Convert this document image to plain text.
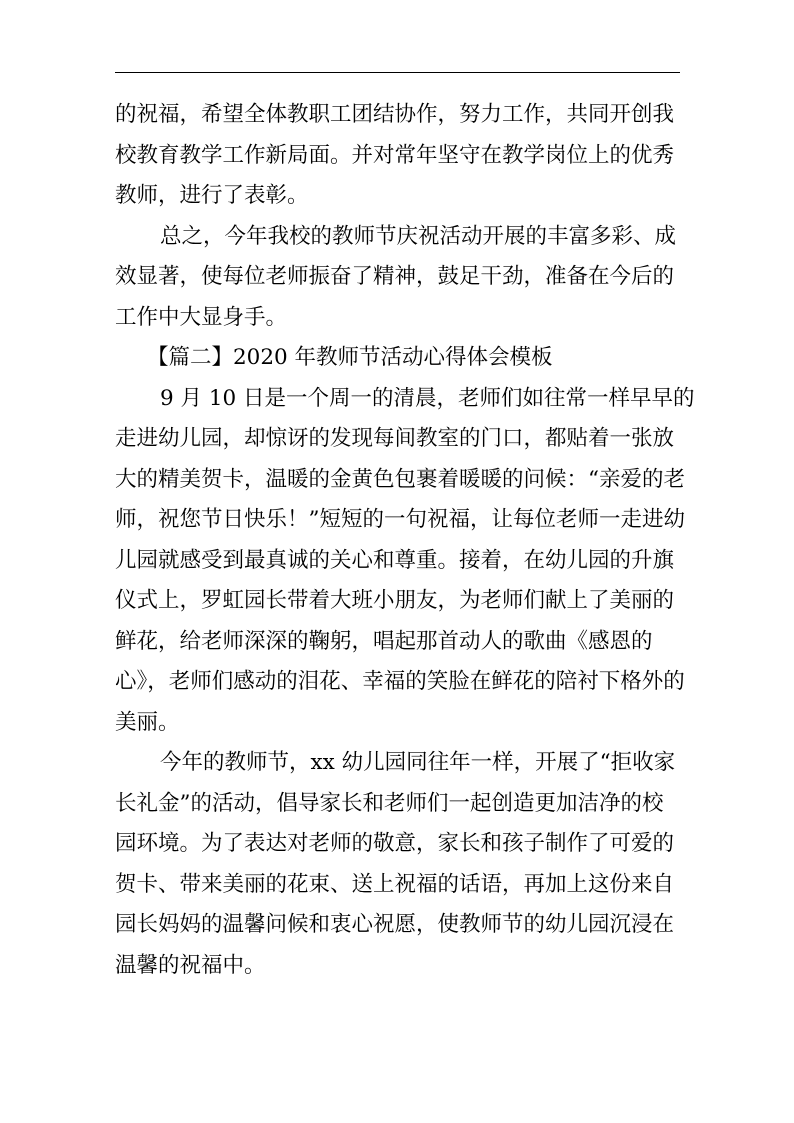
的祝福，希望全体教职工团结协作，努力工作，共同开创我
校教育教学工作新局面。并对常年坚守在教学岗位上的优秀
教师，进行了表彰。
总之，今年我校的教师节庆祝活动开展的丰富多彩、成
效显著，使每位老师振奋了精神，鼓足干劲，准备在今后的
工作中大显身手。
【篇二】2020 年教师节活动心得体会模板
9 月 10 日是一个周一的清晨，老师们如往常一样早早的
走进幼儿园，却惊讶的发现每间教室的门口，都贴着一张放
大的精美贺卡，温暖的金黄色包裹着暖暖的问候：“亲爱的老
师，祝您节日快乐！”短短的一句祝福，让每位老师一走进幼
儿园就感受到最真诚的关心和尊重。接着，在幼儿园的升旗
仪式上，罗虹园长带着大班小朋友，为老师们献上了美丽的
鲜花，给老师深深的鞠躬，唱起那首动人的歌曲《感恩的
心》，老师们感动的泪花、幸福的笑脸在鲜花的陪衬下格外的
美丽。
今年的教师节，xx 幼儿园同往年一样，开展了“拒收家
长礼金”的活动，倡导家长和老师们一起创造更加洁净的校
园环境。为了表达对老师的敬意，家长和孩子制作了可爱的
贺卡、带来美丽的花束、送上祝福的话语，再加上这份来自
园长妈妈的温馨问候和衷心祝愿，使教师节的幼儿园沉浸在
温馨的祝福中。
